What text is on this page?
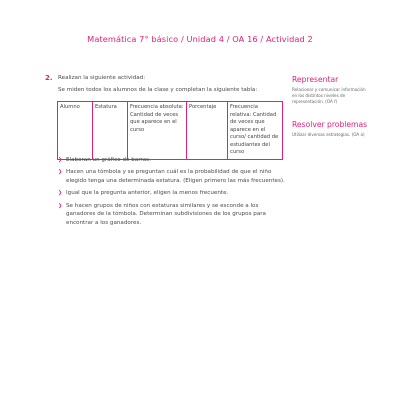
Matemática 7° básico / Unidad 4 / OA 16 / Actividad 2
2. Realizan la siguiente actividad:
Se miden todos los alumnos de la clase y completan la siguiente tabla:
Alumno	Estatura	Frecuencia absoluta: Cantidad de veces que aparece en el curso	Porcentaje	Frecuencia relativa: Cantidad de veces que aparece en el curso/ cantidad de estudiantes del curso
❯ Elaboran un gráfico de barras.
❯ Hacen una tómbola y se preguntan cuál es la probabilidad de que el niño elegido tenga una determinada estatura. (Eligen primero las más frecuentes).
❯ Igual que la pregunta anterior, eligen la menos frecuente.
❯ Se hacen grupos de niños con estaturas similares y se esconde a los ganadores de la tómbola. Determinan subdivisiones de los grupos para encontrar a los ganadores.
Representar
Relacionar y comunicar información en los distintos niveles de representación. (OA f)
Resolver problemas
Utilizar diversas estrategias. (OA a)
